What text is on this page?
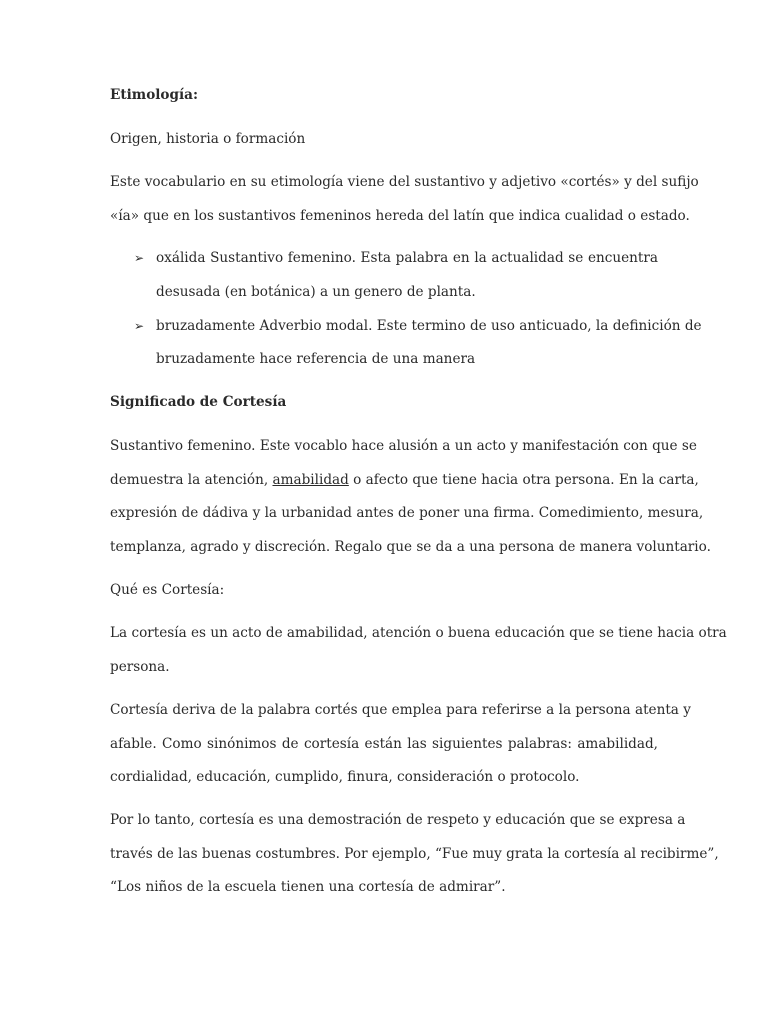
Etimología:
Origen, historia o formación
Este vocabulario en su etimología viene del sustantivo y adjetivo «cortés» y del sufijo
«ía» que en los sustantivos femeninos hereda del latín que indica cualidad o estado.
➢ oxálida Sustantivo femenino. Esta palabra en la actualidad se encuentra
desusada (en botánica) a un genero de planta.
➢ bruzadamente Adverbio modal. Este termino de uso anticuado, la definición de
bruzadamente hace referencia de una manera
Significado de Cortesía
Sustantivo femenino. Este vocablo hace alusión a un acto y manifestación con que se
demuestra la atención, amabilidad o afecto que tiene hacia otra persona. En la carta,
expresión de dádiva y la urbanidad antes de poner una firma. Comedimiento, mesura,
templanza, agrado y discreción. Regalo que se da a una persona de manera voluntario.
Qué es Cortesía:
La cortesía es un acto de amabilidad, atención o buena educación que se tiene hacia otra
persona.
Cortesía deriva de la palabra cortés que emplea para referirse a la persona atenta y
afable. Como sinónimos de cortesía están las siguientes palabras: amabilidad,
cordialidad, educación, cumplido, finura, consideración o protocolo.
Por lo tanto, cortesía es una demostración de respeto y educación que se expresa a
través de las buenas costumbres. Por ejemplo, “Fue muy grata la cortesía al recibirme”,
“Los niños de la escuela tienen una cortesía de admirar”.
